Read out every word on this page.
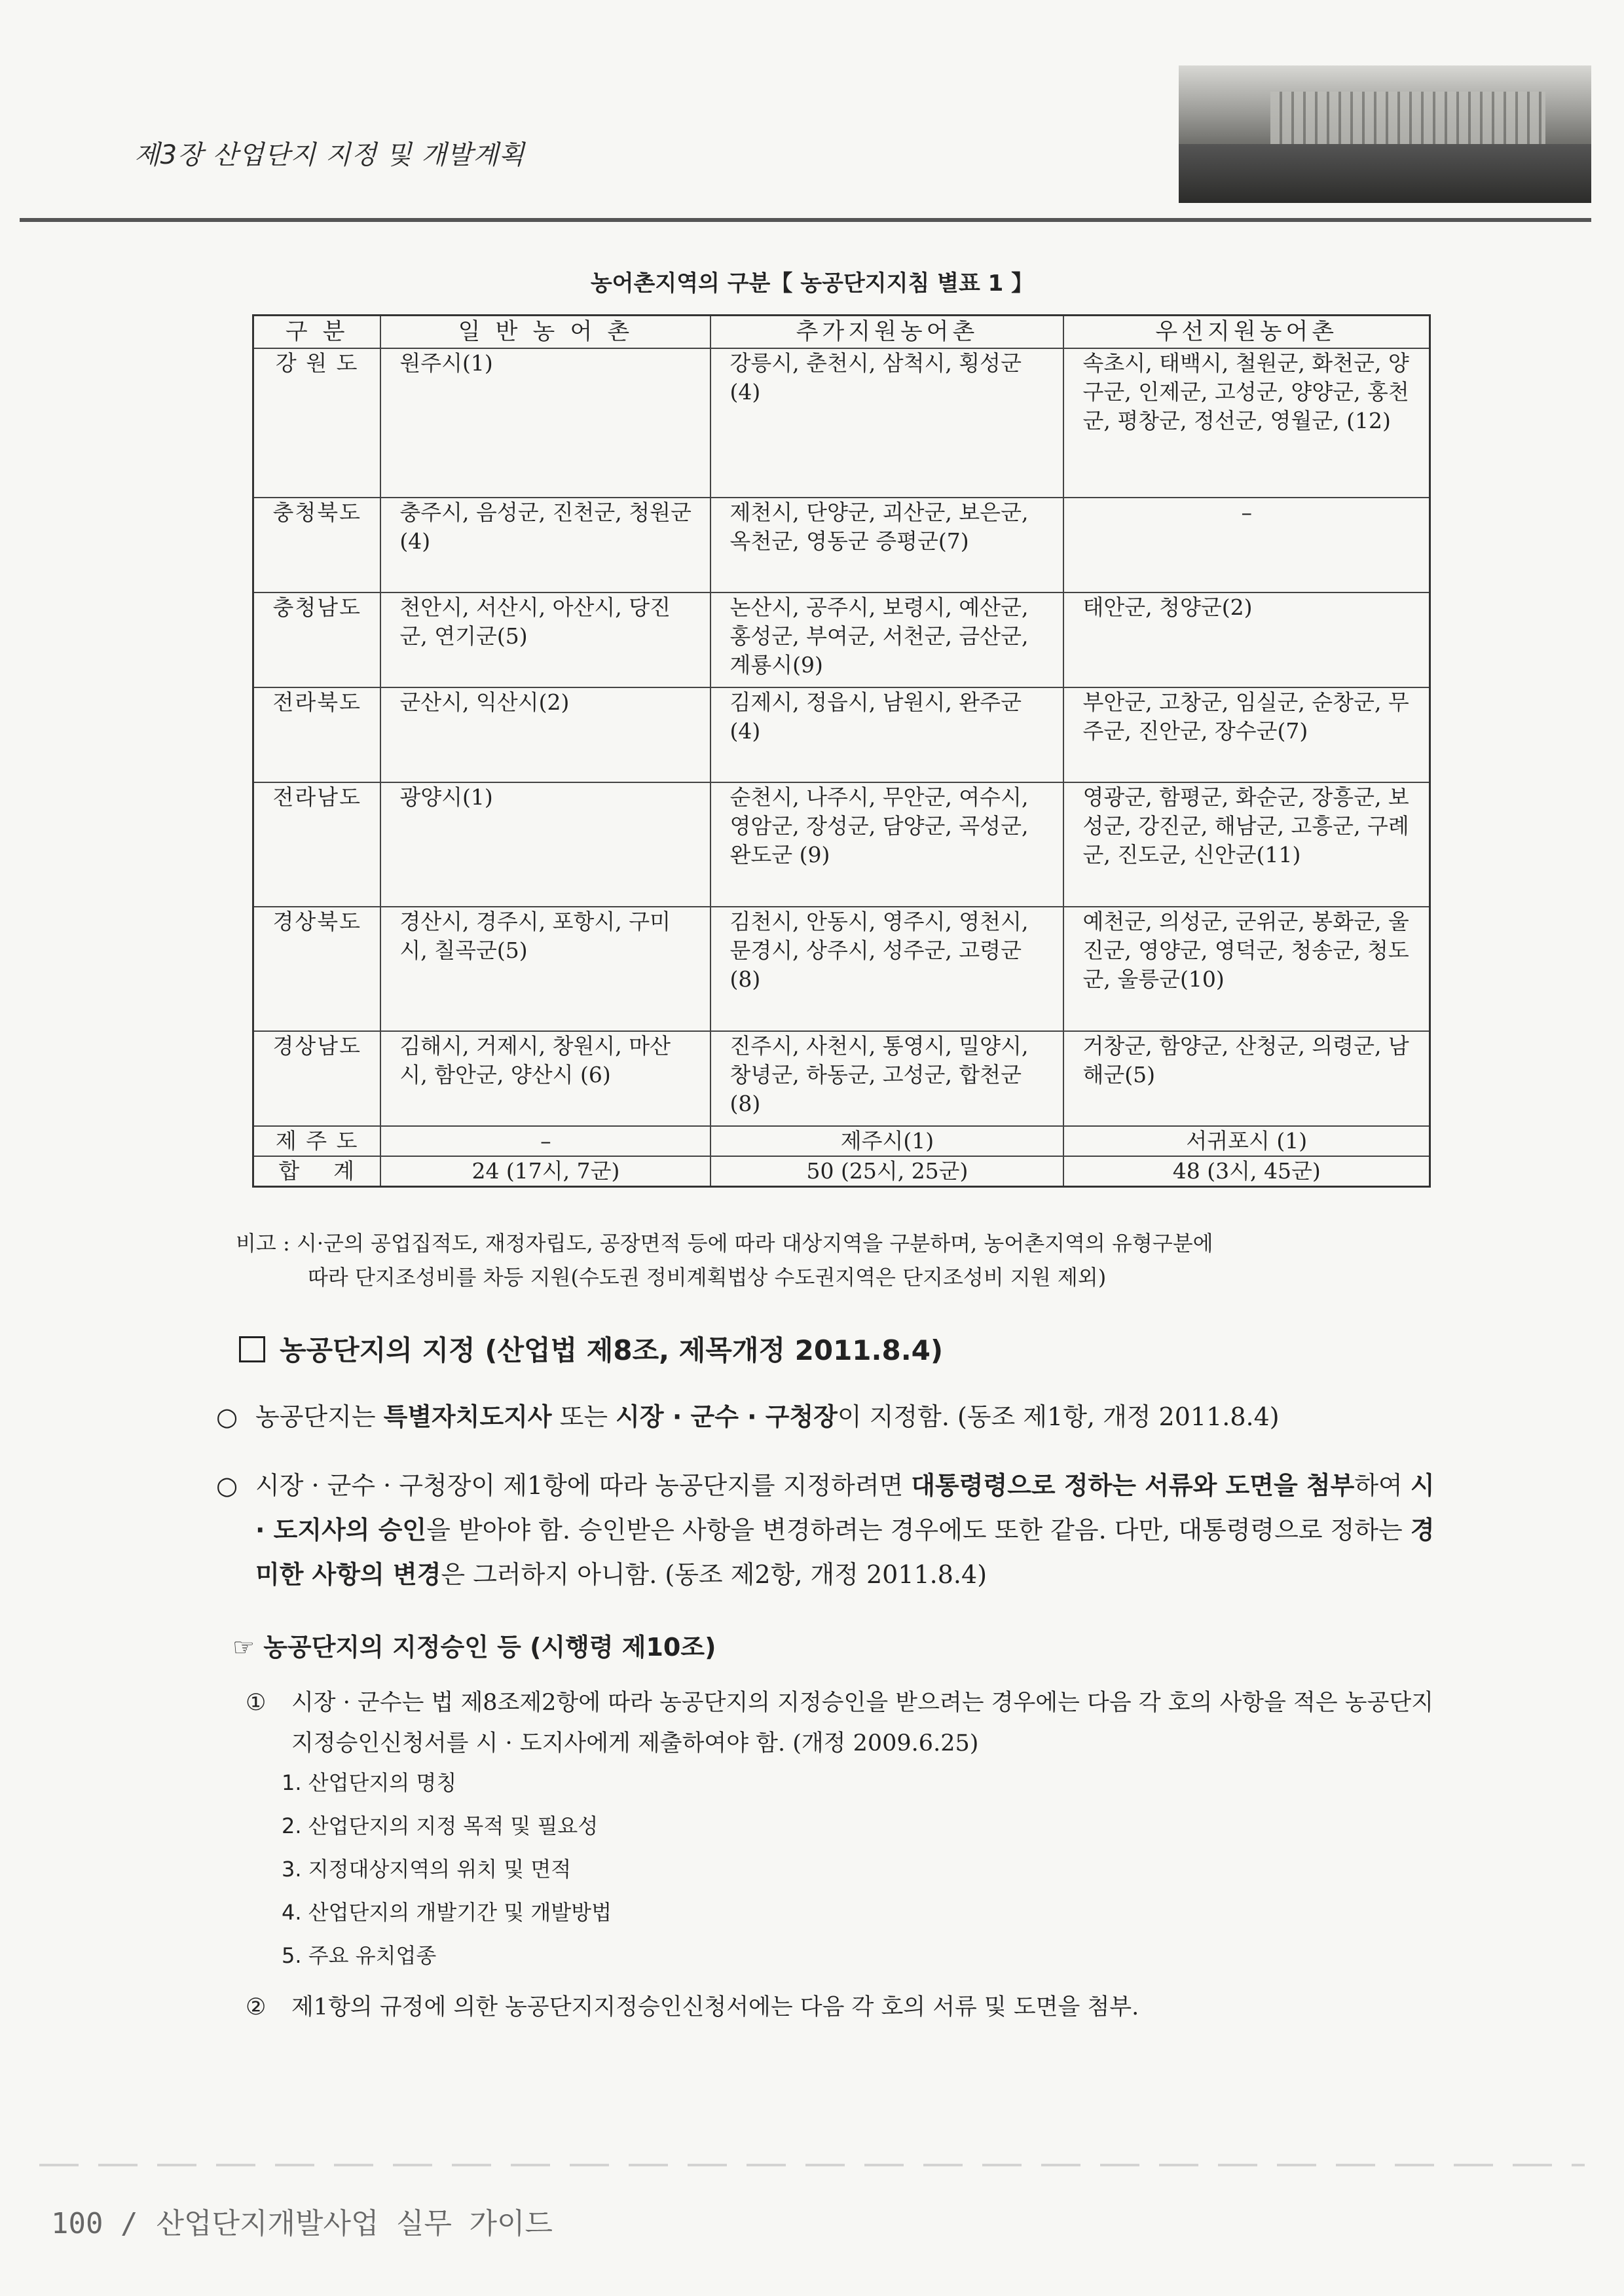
제3장 산업단지 지정 및 개발계획
농어촌지역의 구분【 농공단지지침 별표 1 】
구 분	일 반 농 어 촌	추가지원농어촌	우선지원농어촌
강 원 도	원주시(1)	강릉시, 춘천시, 삼척시, 횡성군(4)	속초시, 태백시, 철원군, 화천군, 양구군, 인제군, 고성군, 양양군, 홍천군, 평창군, 정선군, 영월군, (12)
충청북도	충주시, 음성군, 진천군, 청원군(4)	제천시, 단양군, 괴산군, 보은군, 옥천군, 영동군 증평군(7)	–
충청남도	천안시, 서산시, 아산시, 당진군, 연기군(5)	논산시, 공주시, 보령시, 예산군, 홍성군, 부여군, 서천군, 금산군, 계룡시(9)	태안군, 청양군(2)
전라북도	군산시, 익산시(2)	김제시, 정읍시, 남원시, 완주군(4)	부안군, 고창군, 임실군, 순창군, 무주군, 진안군, 장수군(7)
전라남도	광양시(1)	순천시, 나주시, 무안군, 여수시, 영암군, 장성군, 담양군, 곡성군, 완도군 (9)	영광군, 함평군, 화순군, 장흥군, 보성군, 강진군, 해남군, 고흥군, 구례군, 진도군, 신안군(11)
경상북도	경산시, 경주시, 포항시, 구미시, 칠곡군(5)	김천시, 안동시, 영주시, 영천시, 문경시, 상주시, 성주군, 고령군(8)	예천군, 의성군, 군위군, 봉화군, 울진군, 영양군, 영덕군, 청송군, 청도군, 울릉군(10)
경상남도	김해시, 거제시, 창원시, 마산시, 함안군, 양산시 (6)	진주시, 사천시, 통영시, 밀양시, 창녕군, 하동군, 고성군, 합천군(8)	거창군, 함양군, 산청군, 의령군, 남해군(5)
제 주 도	–	제주시(1)	서귀포시 (1)
합    계	24 (17시, 7군)	50 (25시, 25군)	48 (3시, 45군)
비고 : 시·군의 공업집적도, 재정자립도, 공장면적 등에 따라 대상지역을 구분하며, 농어촌지역의 유형구분에
따라 단지조성비를 차등 지원(수도권 정비계획법상 수도권지역은 단지조성비 지원 제외)
농공단지의 지정 (산업법 제8조, 제목개정 2011.8.4)
○ 농공단지는 특별자치도지사 또는 시장 · 군수 · 구청장이 지정함. (동조 제1항, 개정 2011.8.4)
○ 시장 · 군수 · 구청장이 제1항에 따라 농공단지를 지정하려면 대통령령으로 정하는 서류와 도면을 첨부하여 시 · 도지사의 승인을 받아야 함. 승인받은 사항을 변경하려는 경우에도 또한 같음. 다만, 대통령령으로 정하는 경미한 사항의 변경은 그러하지 아니함. (동조 제2항, 개정 2011.8.4)
☞ 농공단지의 지정승인 등 (시행령 제10조)
①	시장 · 군수는 법 제8조제2항에 따라 농공단지의 지정승인을 받으려는 경우에는 다음 각 호의 사항을 적은 농공단지지정승인신청서를 시 · 도지사에게 제출하여야 함. (개정 2009.6.25)
1. 산업단지의 명칭
2. 산업단지의 지정 목적 및 필요성
3. 지정대상지역의 위치 및 면적
4. 산업단지의 개발기간 및 개발방법
5. 주요 유치업종
②	제1항의 규정에 의한 농공단지지정승인신청서에는 다음 각 호의 서류 및 도면을 첨부.
100 / 산업단지개발사업 실무 가이드
